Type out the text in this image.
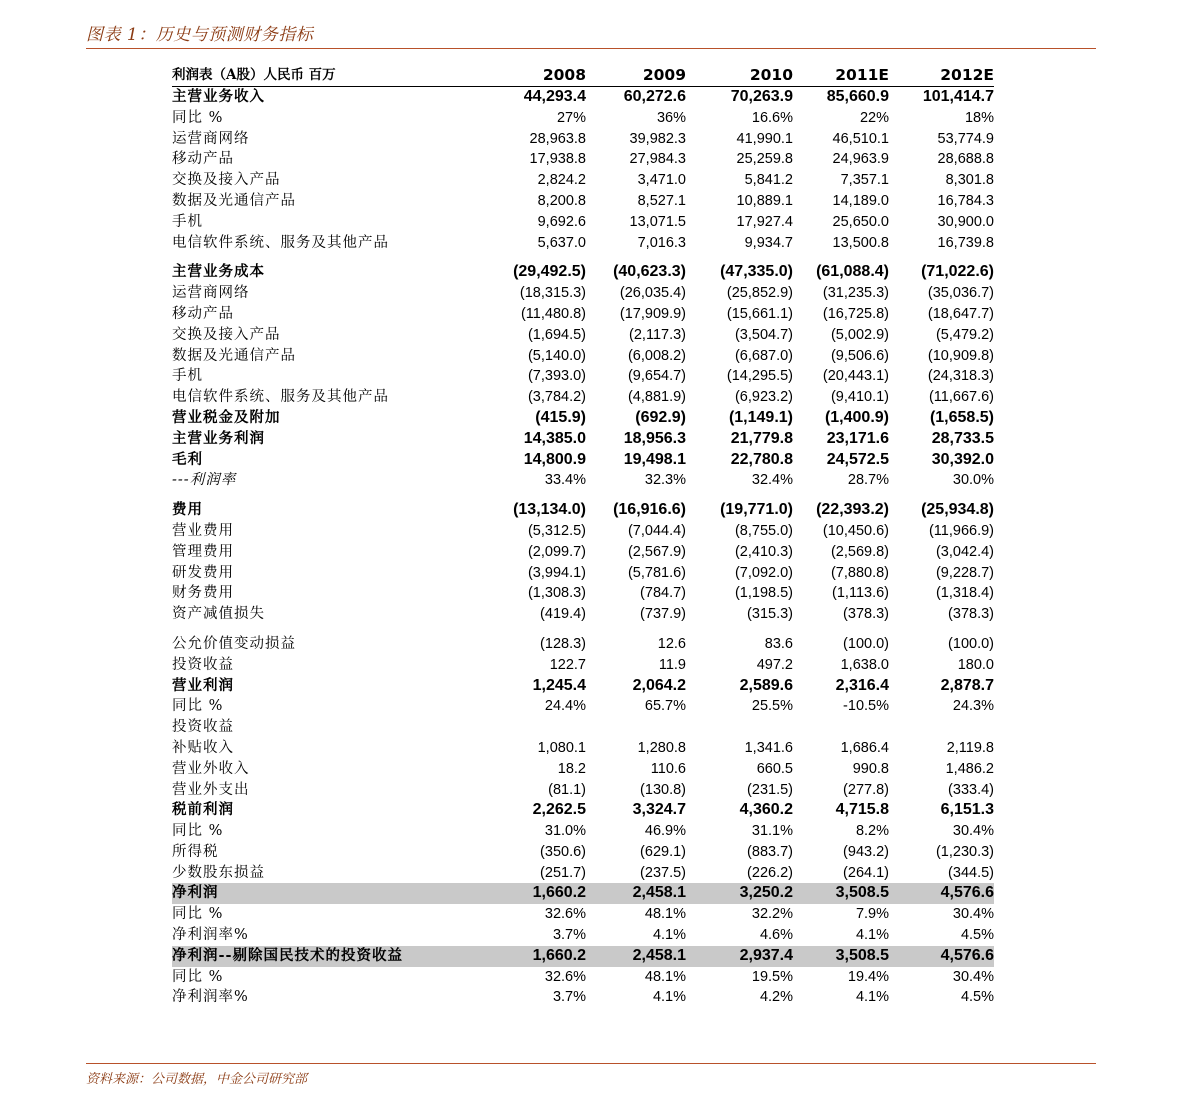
图表 1：历史与预测财务指标
利润表（A股）人民币 百万	2008	2009	2010	2011E	2012E
主营业务收入	44,293.4	60,272.6	70,263.9	85,660.9	101,414.7
同比 %	27%	36%	16.6%	22%	18%
运营商网络	28,963.8	39,982.3	41,990.1	46,510.1	53,774.9
移动产品	17,938.8	27,984.3	25,259.8	24,963.9	28,688.8
交换及接入产品	2,824.2	3,471.0	5,841.2	7,357.1	8,301.8
数据及光通信产品	8,200.8	8,527.1	10,889.1	14,189.0	16,784.3
手机	9,692.6	13,071.5	17,927.4	25,650.0	30,900.0
电信软件系统、服务及其他产品	5,637.0	7,016.3	9,934.7	13,500.8	16,739.8

主营业务成本	(29,492.5)	(40,623.3)	(47,335.0)	(61,088.4)	(71,022.6)
运营商网络	(18,315.3)	(26,035.4)	(25,852.9)	(31,235.3)	(35,036.7)
移动产品	(11,480.8)	(17,909.9)	(15,661.1)	(16,725.8)	(18,647.7)
交换及接入产品	(1,694.5)	(2,117.3)	(3,504.7)	(5,002.9)	(5,479.2)
数据及光通信产品	(5,140.0)	(6,008.2)	(6,687.0)	(9,506.6)	(10,909.8)
手机	(7,393.0)	(9,654.7)	(14,295.5)	(20,443.1)	(24,318.3)
电信软件系统、服务及其他产品	(3,784.2)	(4,881.9)	(6,923.2)	(9,410.1)	(11,667.6)
营业税金及附加	(415.9)	(692.9)	(1,149.1)	(1,400.9)	(1,658.5)
主营业务利润	14,385.0	18,956.3	21,779.8	23,171.6	28,733.5
毛利	14,800.9	19,498.1	22,780.8	24,572.5	30,392.0
---利润率	33.4%	32.3%	32.4%	28.7%	30.0%

费用	(13,134.0)	(16,916.6)	(19,771.0)	(22,393.2)	(25,934.8)
营业费用	(5,312.5)	(7,044.4)	(8,755.0)	(10,450.6)	(11,966.9)
管理费用	(2,099.7)	(2,567.9)	(2,410.3)	(2,569.8)	(3,042.4)
研发费用	(3,994.1)	(5,781.6)	(7,092.0)	(7,880.8)	(9,228.7)
财务费用	(1,308.3)	(784.7)	(1,198.5)	(1,113.6)	(1,318.4)
资产减值损失	(419.4)	(737.9)	(315.3)	(378.3)	(378.3)

公允价值变动损益	(128.3)	12.6	83.6	(100.0)	(100.0)
投资收益	122.7	11.9	497.2	1,638.0	180.0
营业利润	1,245.4	2,064.2	2,589.6	2,316.4	2,878.7
同比 %	24.4%	65.7%	25.5%	-10.5%	24.3%
投资收益					
补贴收入	1,080.1	1,280.8	1,341.6	1,686.4	2,119.8
营业外收入	18.2	110.6	660.5	990.8	1,486.2
营业外支出	(81.1)	(130.8)	(231.5)	(277.8)	(333.4)
税前利润	2,262.5	3,324.7	4,360.2	4,715.8	6,151.3
同比 %	31.0%	46.9%	31.1%	8.2%	30.4%
所得税	(350.6)	(629.1)	(883.7)	(943.2)	(1,230.3)
少数股东损益	(251.7)	(237.5)	(226.2)	(264.1)	(344.5)
净利润	1,660.2	2,458.1	3,250.2	3,508.5	4,576.6
同比 %	32.6%	48.1%	32.2%	7.9%	30.4%
净利润率%	3.7%	4.1%	4.6%	4.1%	4.5%
净利润--剔除国民技术的投资收益	1,660.2	2,458.1	2,937.4	3,508.5	4,576.6
同比 %	32.6%	48.1%	19.5%	19.4%	30.4%
净利润率%	3.7%	4.1%	4.2%	4.1%	4.5%
资料来源：公司数据，中金公司研究部
